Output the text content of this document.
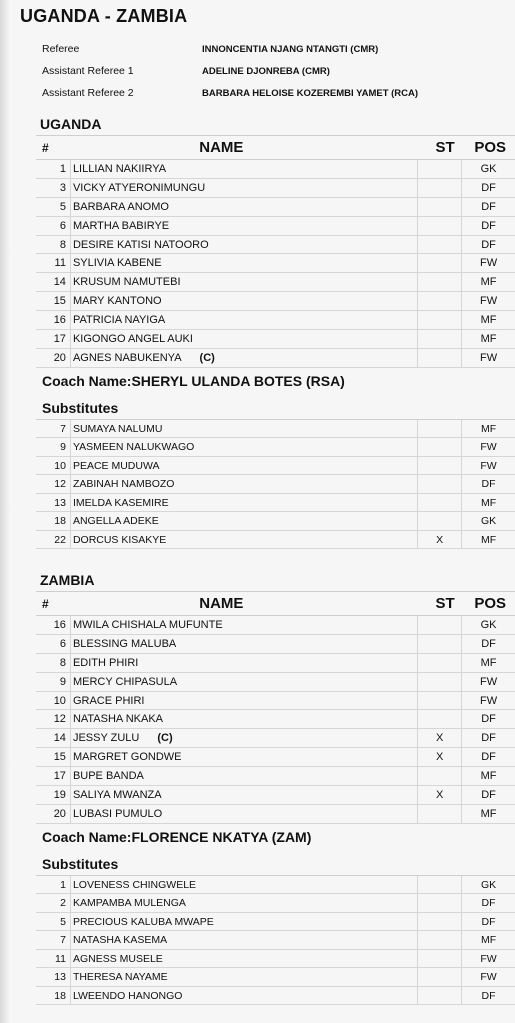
UGANDA - ZAMBIA
Referee	INNONCENTIA NJANG NTANGTI (CMR)
Assistant Referee 1	ADELINE DJONREBA (CMR)
Assistant Referee 2	BARBARA HELOISE KOZEREMBI YAMET (RCA)
UGANDA
#	NAME	ST	POS
1 LILLIAN NAKIIRYA	GK
3 VICKY ATYERONIMUNGU	DF
5 BARBARA ANOMO	DF
6 MARTHA BABIRYE	DF
8 DESIRE KATISI NATOORO	DF
11 SYLIVIA KABENE	FW
14 KRUSUM NAMUTEBI	MF
15 MARY KANTONO	FW
16 PATRICIA NAYIGA	MF
17 KIGONGO ANGEL AUKI	MF
20 AGNES NABUKENYA (C)	FW
Coach Name:SHERYL ULANDA BOTES (RSA)
Substitutes
7 SUMAYA NALUMU	MF
9 YASMEEN NALUKWAGO	FW
10 PEACE MUDUWA	FW
12 ZABINAH NAMBOZO	DF
13 IMELDA KASEMIRE	MF
18 ANGELLA ADEKE	GK
22 DORCUS KISAKYE	X	MF
ZAMBIA
#	NAME	ST	POS
16 MWILA CHISHALA MUFUNTE	GK
6 BLESSING MALUBA	DF
8 EDITH PHIRI	MF
9 MERCY CHIPASULA	FW
10 GRACE PHIRI	FW
12 NATASHA NKAKA	DF
14 JESSY ZULU (C)	X	DF
15 MARGRET GONDWE	X	DF
17 BUPE BANDA	MF
19 SALIYA MWANZA	X	DF
20 LUBASI PUMULO	MF
Coach Name:FLORENCE NKATYA (ZAM)
Substitutes
1 LOVENESS CHINGWELE	GK
2 KAMPAMBA MULENGA	DF
5 PRECIOUS KALUBA MWAPE	DF
7 NATASHA KASEMA	MF
11 AGNESS MUSELE	FW
13 THERESA NAYAME	FW
18 LWEENDO HANONGO	DF
